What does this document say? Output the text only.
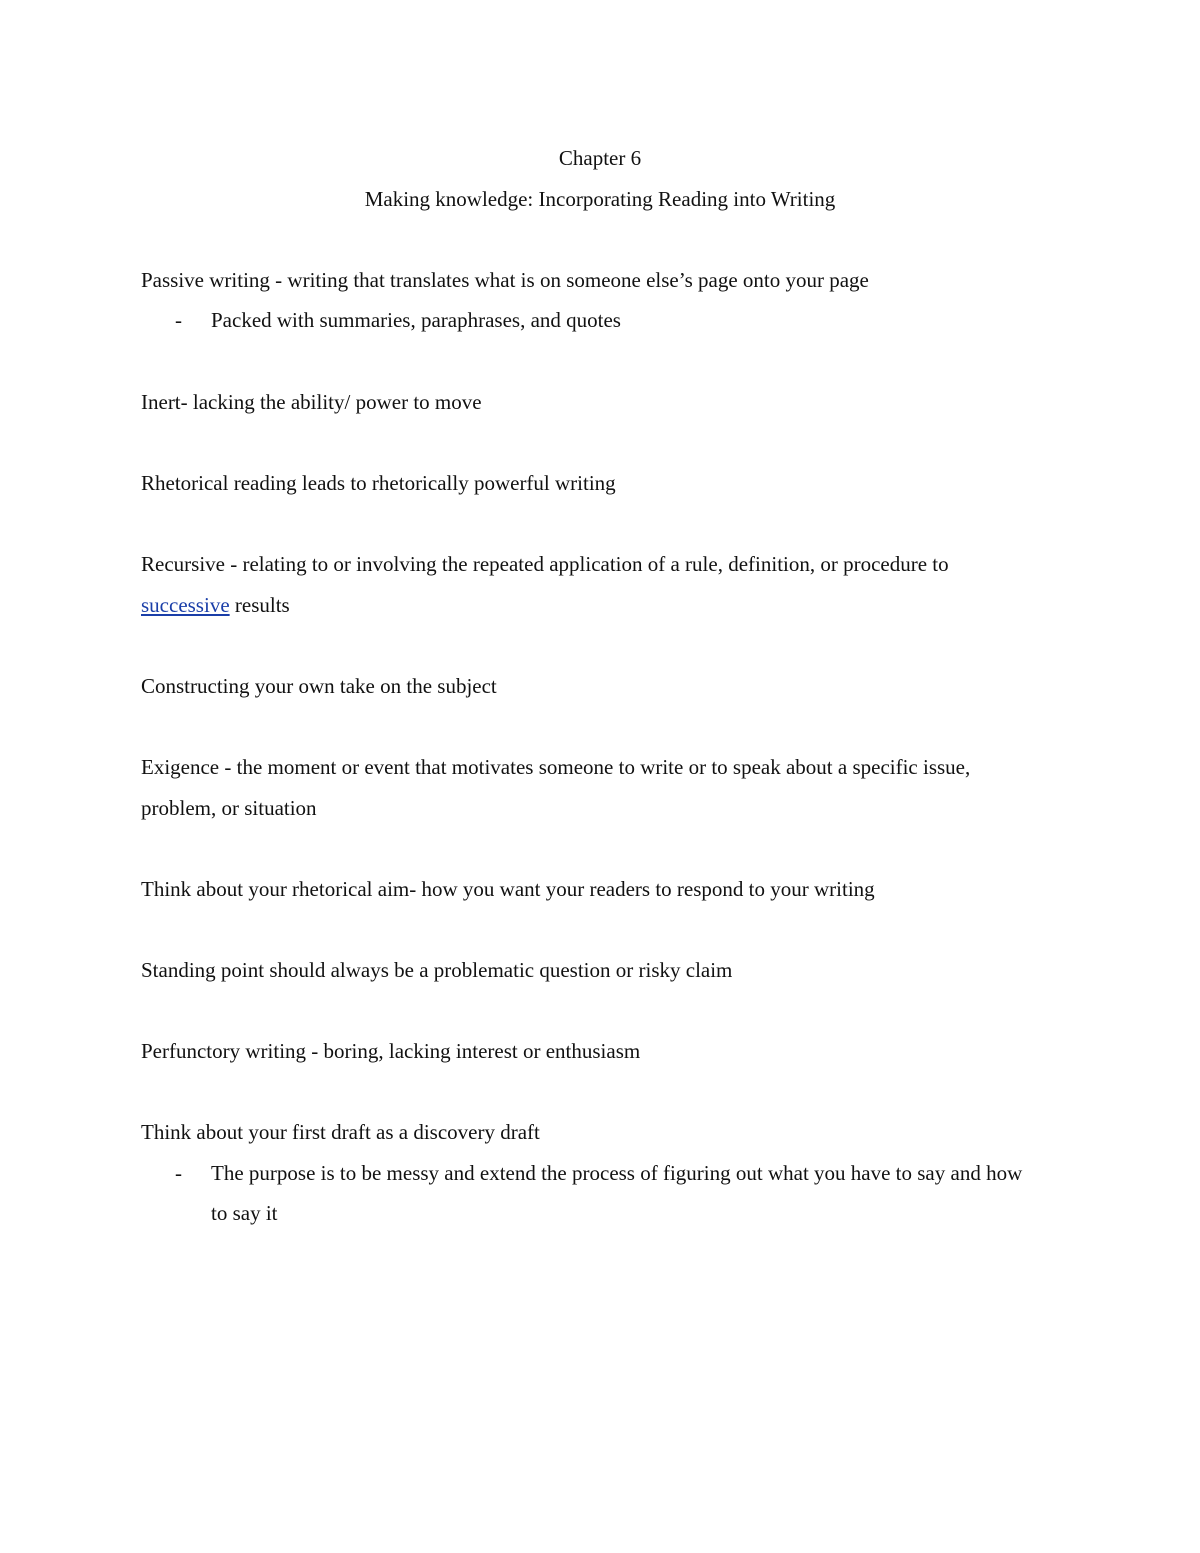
Chapter 6

Making knowledge: Incorporating Reading into Writing

Passive writing - writing that translates what is on someone else’s page onto your page

- Packed with summaries, paraphrases, and quotes

Inert- lacking the ability/ power to move

Rhetorical reading leads to rhetorically powerful writing

Recursive - relating to or involving the repeated application of a rule, definition, or procedure to
successive results

Constructing your own take on the subject

Exigence - the moment or event that motivates someone to write or to speak about a specific issue, problem, or situation

Think about your rhetorical aim- how you want your readers to respond to your writing

Standing point should always be a problematic question or risky claim

Perfunctory writing - boring, lacking interest or enthusiasm

Think about your first draft as a discovery draft

- The purpose is to be messy and extend the process of figuring out what you have to say and how to say it
